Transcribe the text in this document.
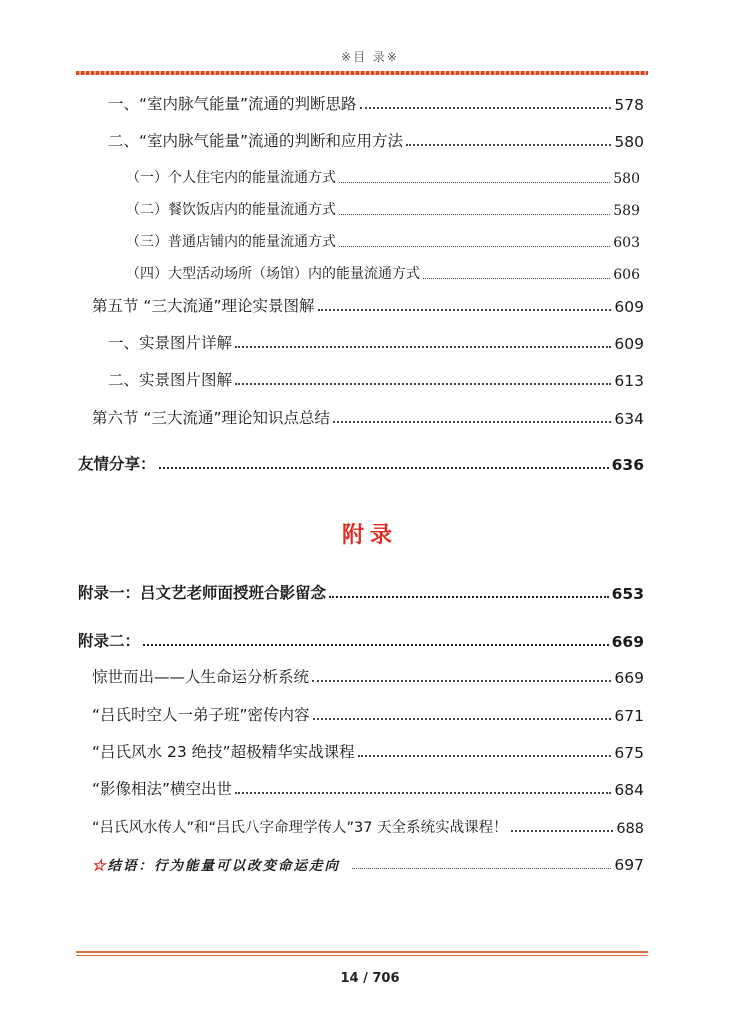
※目 录※
一、“室内脉气能量”流通的判断思路	578
二、“室内脉气能量”流通的判断和应用方法	580
（一）个人住宅内的能量流通方式	580
（二）餐饮饭店内的能量流通方式	589
（三）普通店铺内的能量流通方式	603
（四）大型活动场所（场馆）内的能量流通方式	606
第五节 “三大流通”理论实景图解	609
一、实景图片详解	609
二、实景图片图解	613
第六节 “三大流通”理论知识点总结	634
友情分享：	636
附录
附录一：吕文艺老师面授班合影留念	653
附录二：	669
惊世而出——人生命运分析系统	669
“吕氏时空人一弟子班”密传内容	671
“吕氏风水 23 绝技”超极精华实战课程	675
“影像相法”横空出世	684
“吕氏风水传人”和“吕氏八字命理学传人”37 天全系统实战课程！	688
☆结语：行为能量可以改变命运走向	697
14 / 706
